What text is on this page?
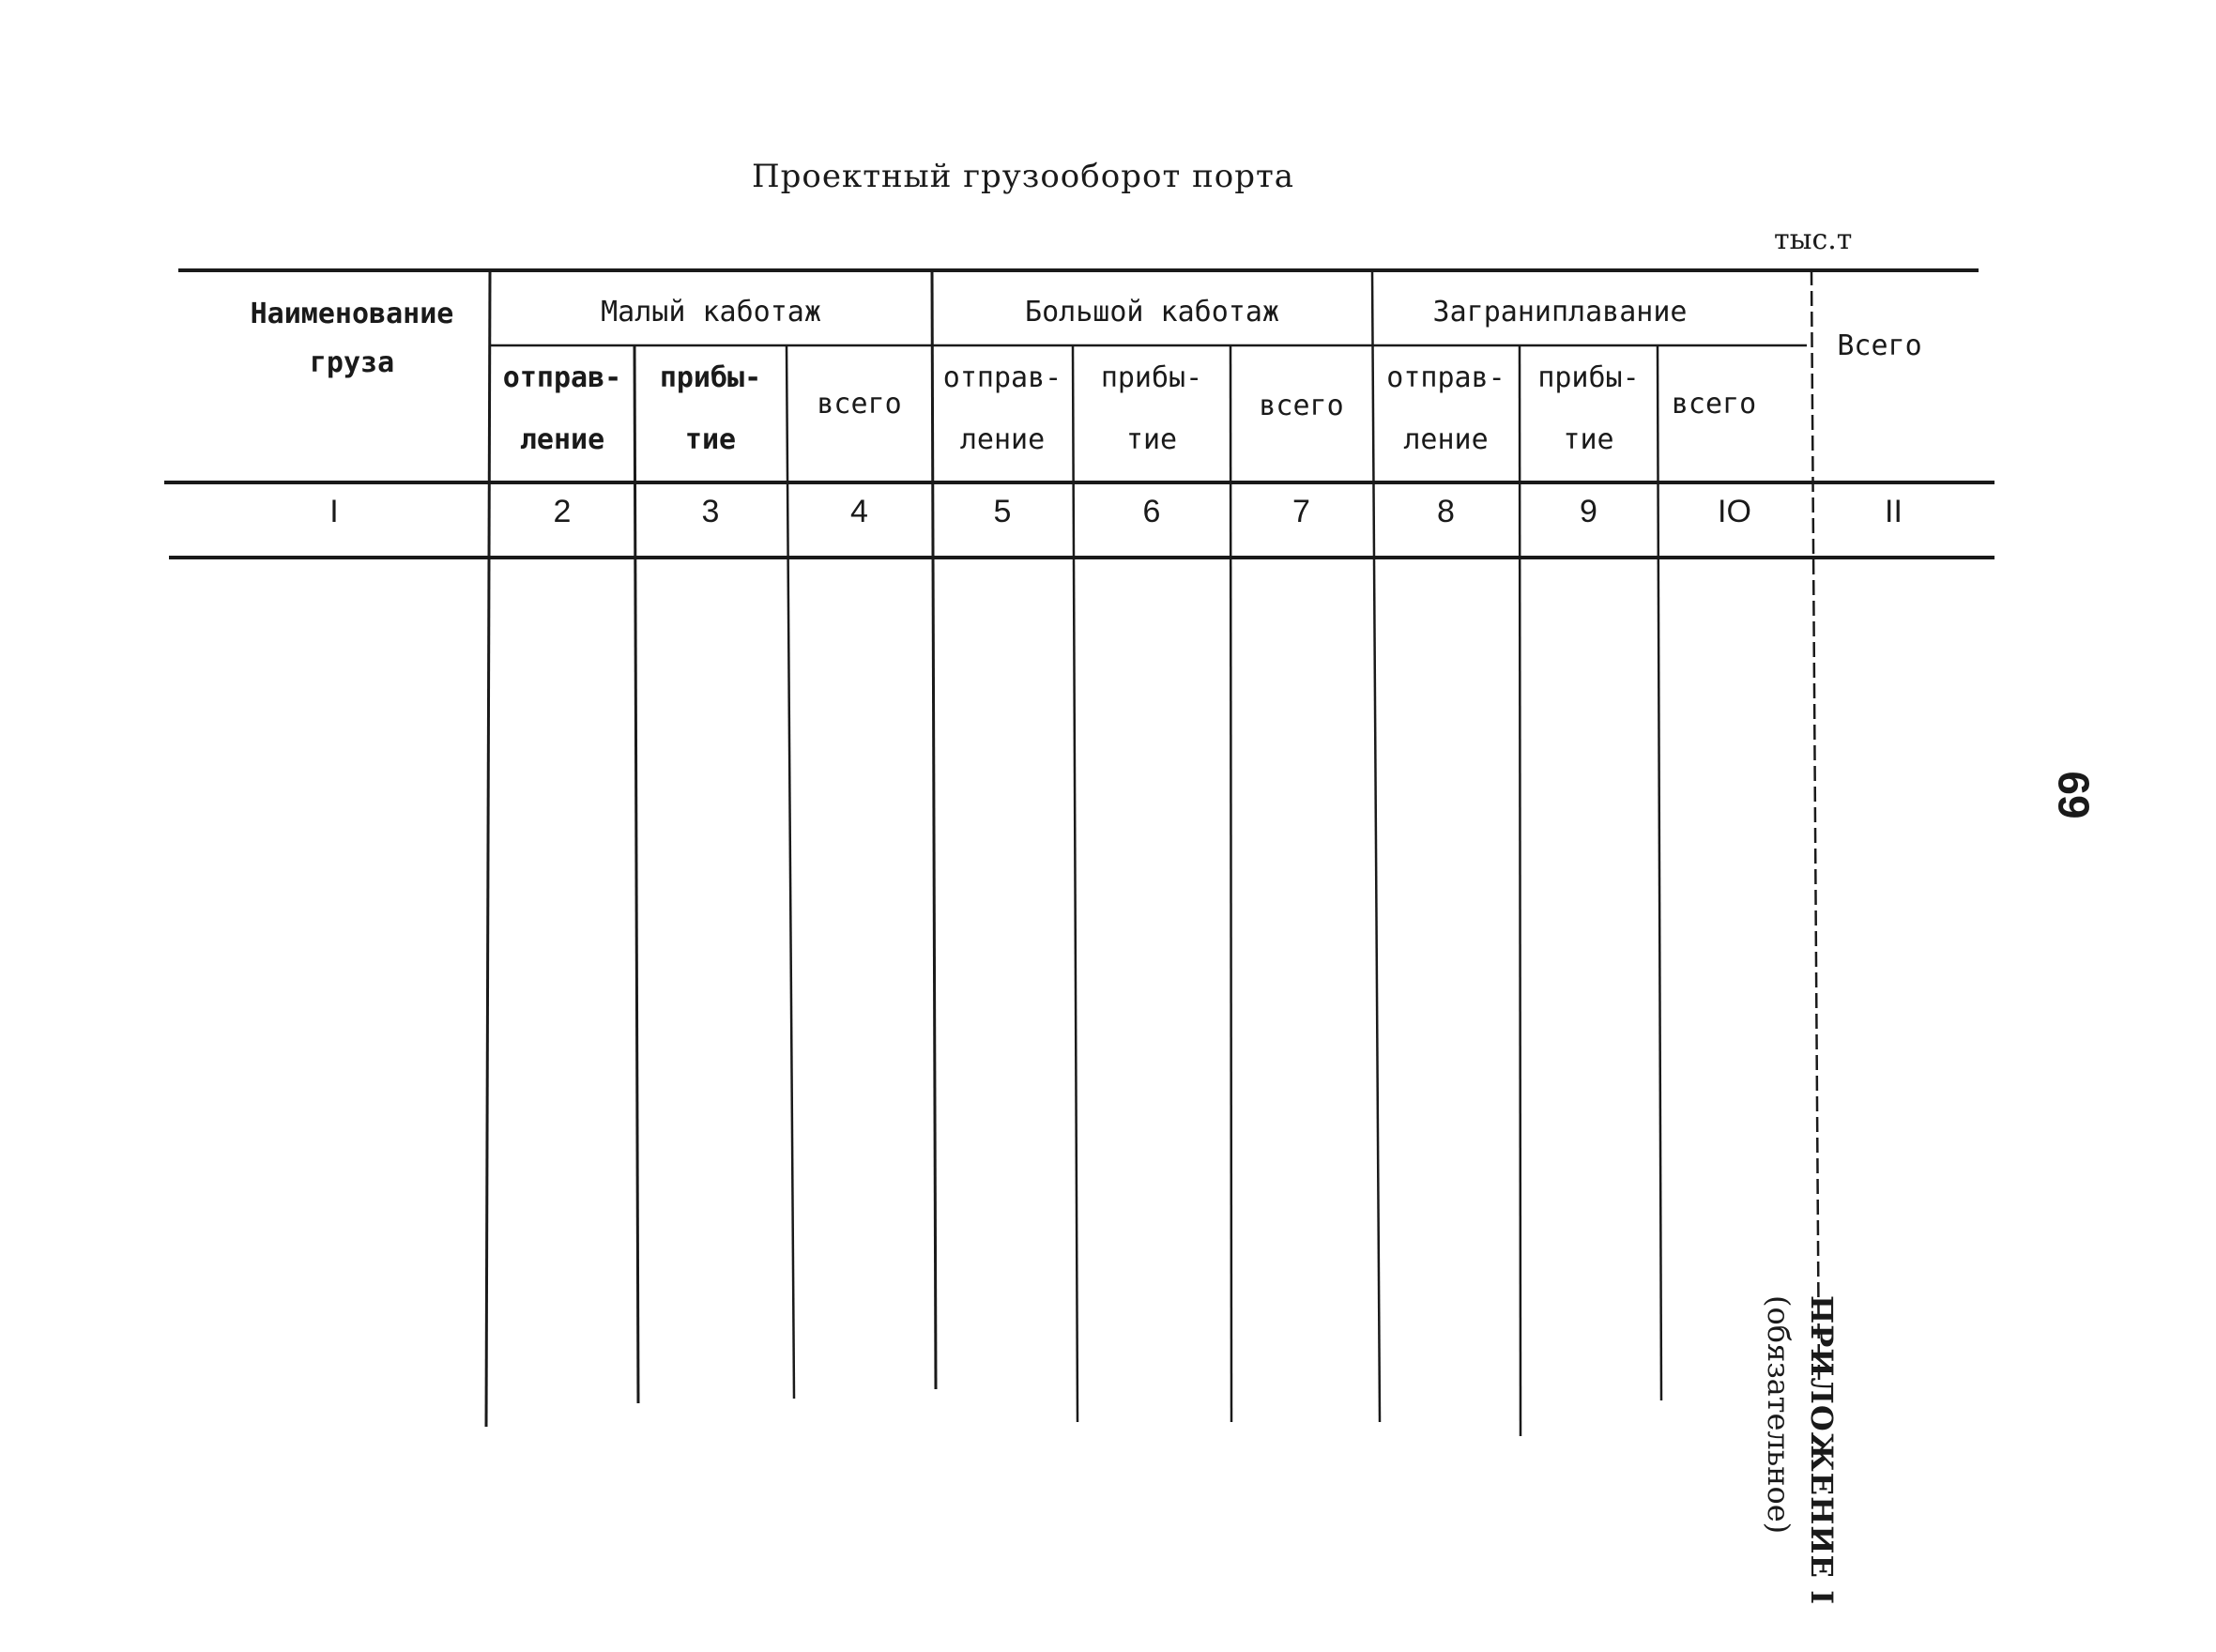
Проектный грузооборот порта
тыс.т
Наименование
груза
Малый каботаж	Большой каботаж	Заграниплавание
Всего
отправ-
ление
прибы-
тие
всего
отправ-
ление
прибы-
тие
всего
отправ-
ление
прибы-
тие
всего
I	2	3	4	5	6	7	8	9	IO	II
69
ПРИЛОЖЕНИЕ I
(обязательное)
